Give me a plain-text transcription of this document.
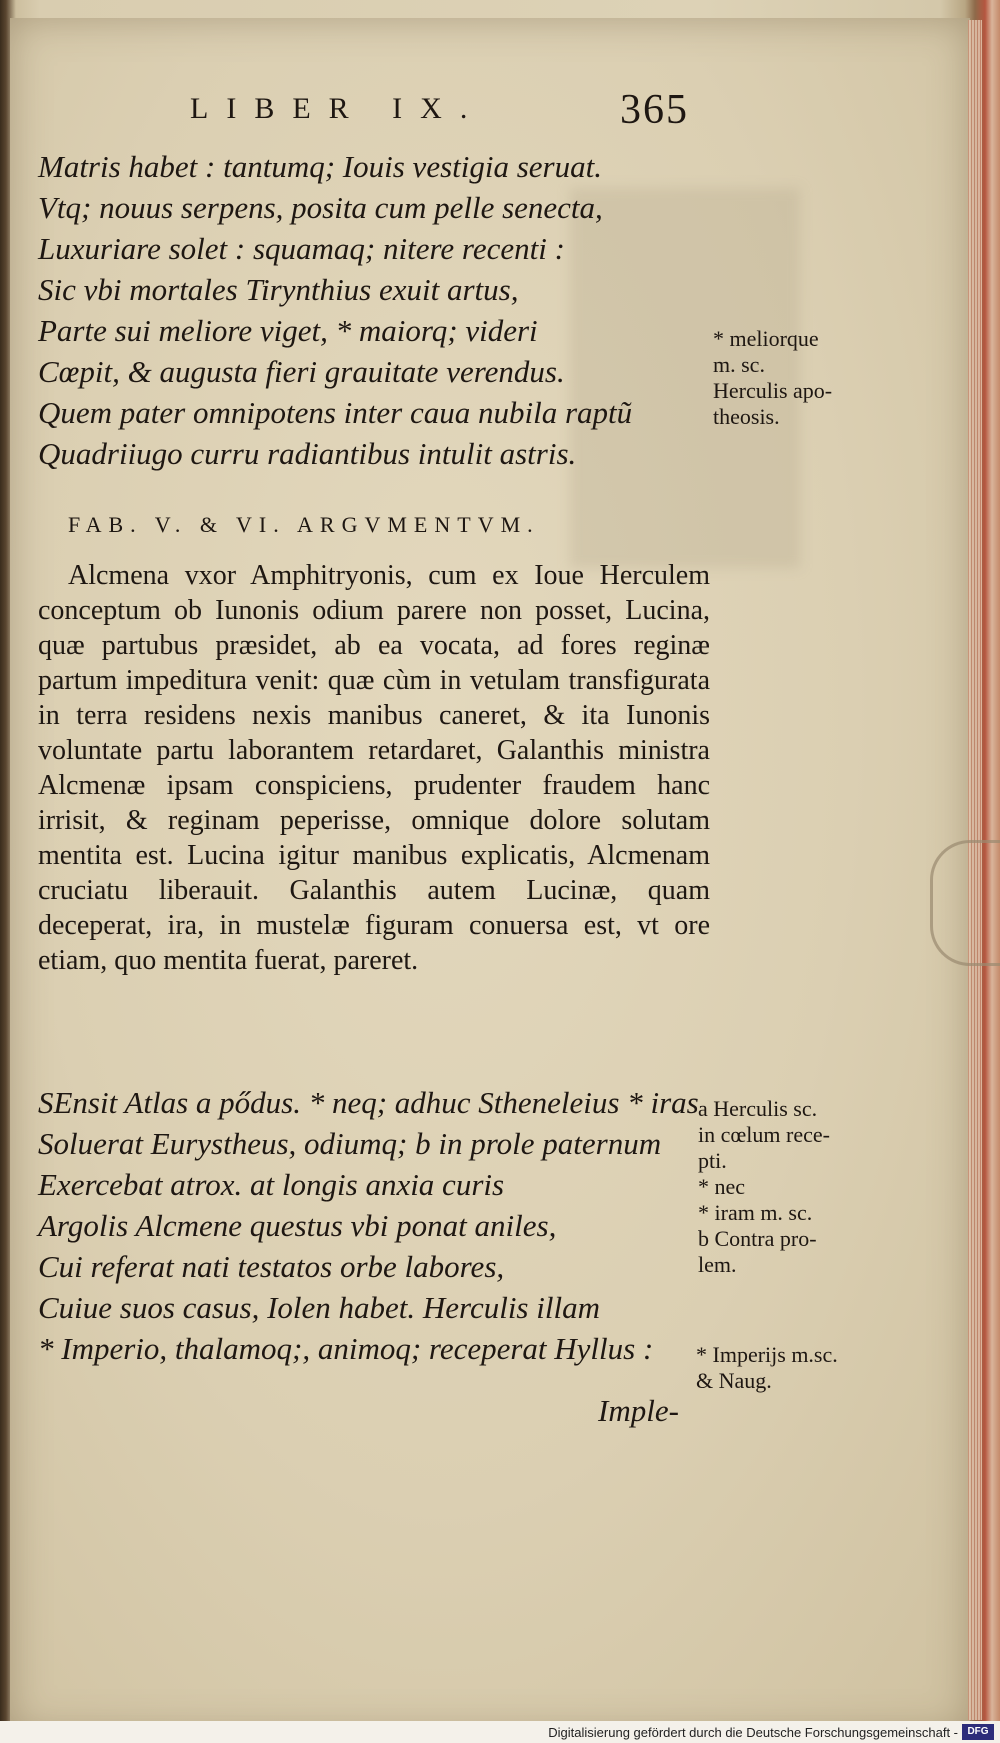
LIBER IX.	365
Matris habet : tantumq; Iouis vestigia seruat.
Vtq; nouus serpens, posita cum pelle senecta,
Luxuriare solet : squamaq; nitere recenti :
Sic vbi mortales Tirynthius exuit artus,
Parte sui meliore viget, * maiorq; videri
Cœpit, & augusta fieri grauitate verendus.
Quem pater omnipotens inter caua nubila raptũ
Quadriiugo curru radiantibus intulit astris.
* meliorque
m. sc.
Herculis apo-
theosis.
FAB. V. & VI. ARGVMENTVM.

Alcmena vxor Amphitryonis, cum ex Ioue Herculem conceptum ob Iunonis odium parere non posset, Lucina, quæ partubus præsidet, ab ea vocata, ad fores reginæ partum impeditura venit: quæ cùm in vetulam transfigurata in terra residens nexis manibus caneret, & ita Iunonis voluntate partu laborantem retardaret, Galanthis ministra Alcmenæ ipsam conspiciens, prudenter fraudem hanc irrisit, & reginam peperisse, omnique dolore solutam mentita est. Lucina igitur manibus explicatis, Alcmenam cruciatu liberauit. Galanthis autem Lucinæ, quam deceperat, ira, in mustelæ figuram conuersa est, vt ore etiam, quo mentita fuerat, pareret.

SEnsit Atlas a pődus. * neq; adhuc Stheneleius * iras
Soluerat Eurystheus, odiumq; b in prole paternum
Exercebat atrox. at longis anxia curis
Argolis Alcmene questus vbi ponat aniles,
Cui referat nati testatos orbe labores,
Cuiue suos casus, Iolen habet. Herculis illam
* Imperio, thalamoq;, animoq; receperat Hyllus :
a Herculis sc.
in cœlum rece-
pti.
* nec
* iram m. sc.
b Contra pro-
lem.
* Imperijs m.sc.
& Naug.
Imple-
Digitalisierung gefördert durch die Deutsche Forschungsgemeinschaft - DFG
